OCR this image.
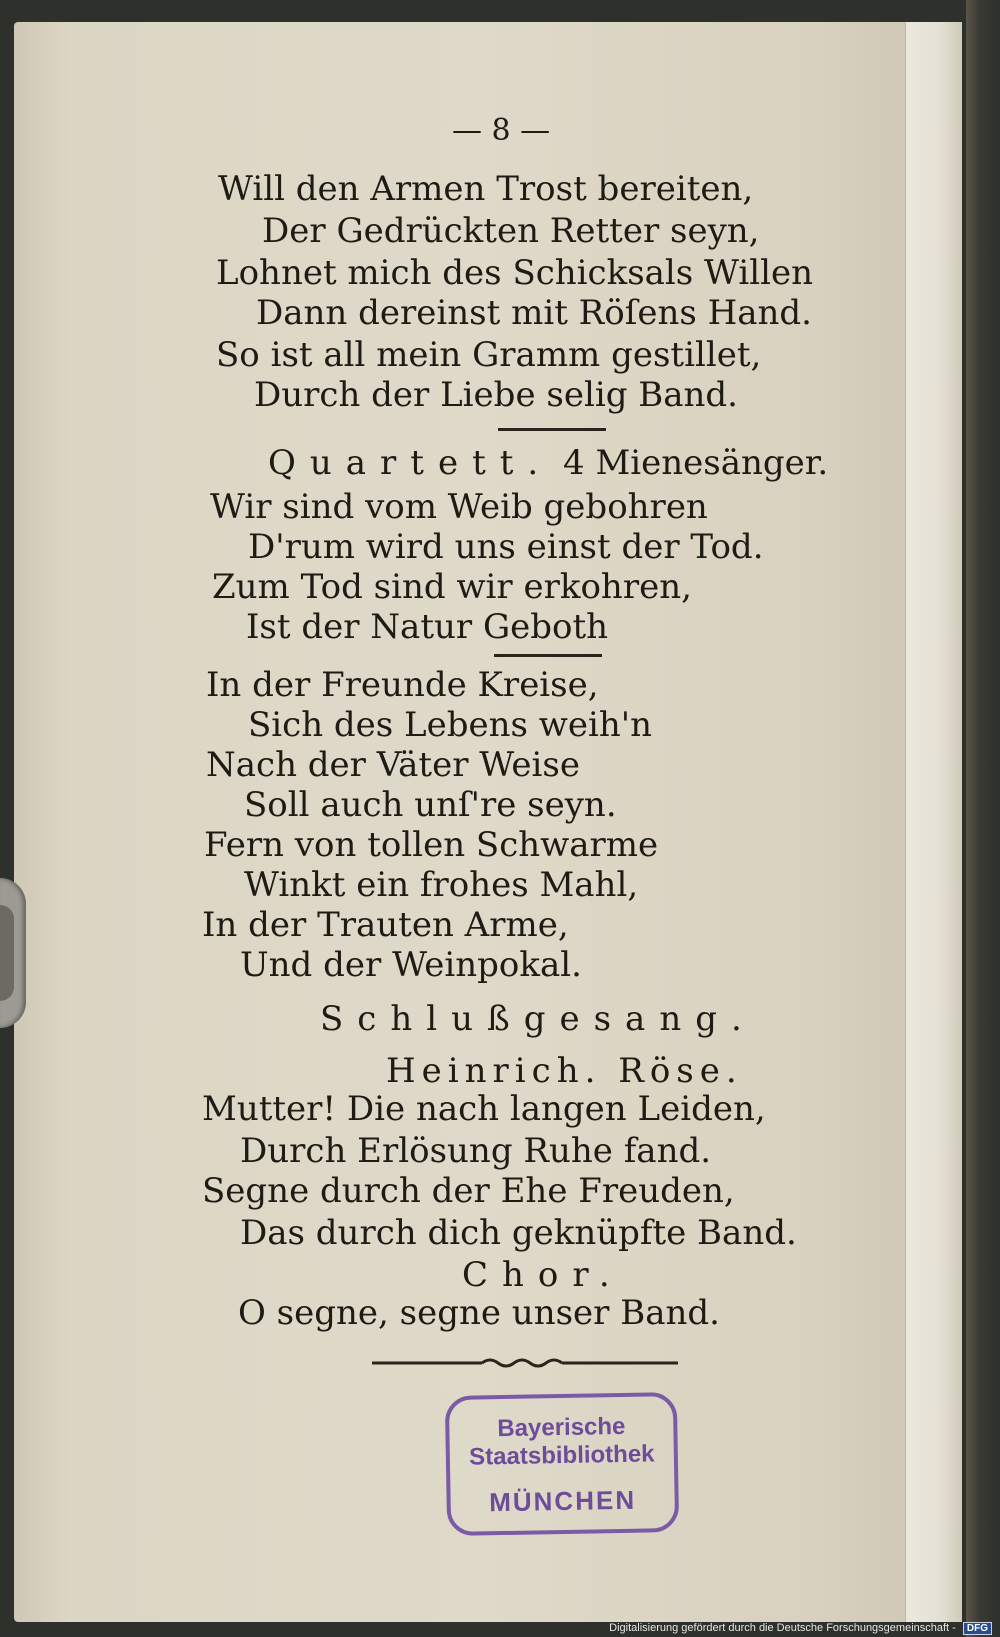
— 8 —
Will den Armen Trost bereiten,
Der Gedrückten Retter seyn,
Lohnet mich des Schicksals Willen
Dann dereinst mit Röſens Hand.
So ist all mein Gramm gestillet,
Durch der Liebe selig Band.
Quartett. 4 Mienesänger.
Wir sind vom Weib gebohren
D'rum wird uns einst der Tod.
Zum Tod sind wir erkohren,
Ist der Natur Geboth
In der Freunde Kreise,
Sich des Lebens weih'n
Nach der Väter Weise
Soll auch unſ're seyn.
Fern von tollen Schwarme
Winkt ein frohes Mahl,
In der Trauten Arme,
Und der Weinpokal.
Schlußgesang.
Heinrich. Röse.
Mutter! Die nach langen Leiden,
Durch Erlösung Ruhe fand.
Segne durch der Ehe Freuden,
Das durch dich geknüpfte Band.
Chor.
O segne, segne unser Band.
Bayerische
Staatsbibliothek
MÜNCHEN
Digitalisierung gefördert durch die Deutsche Forschungsgemeinschaft - DFG
